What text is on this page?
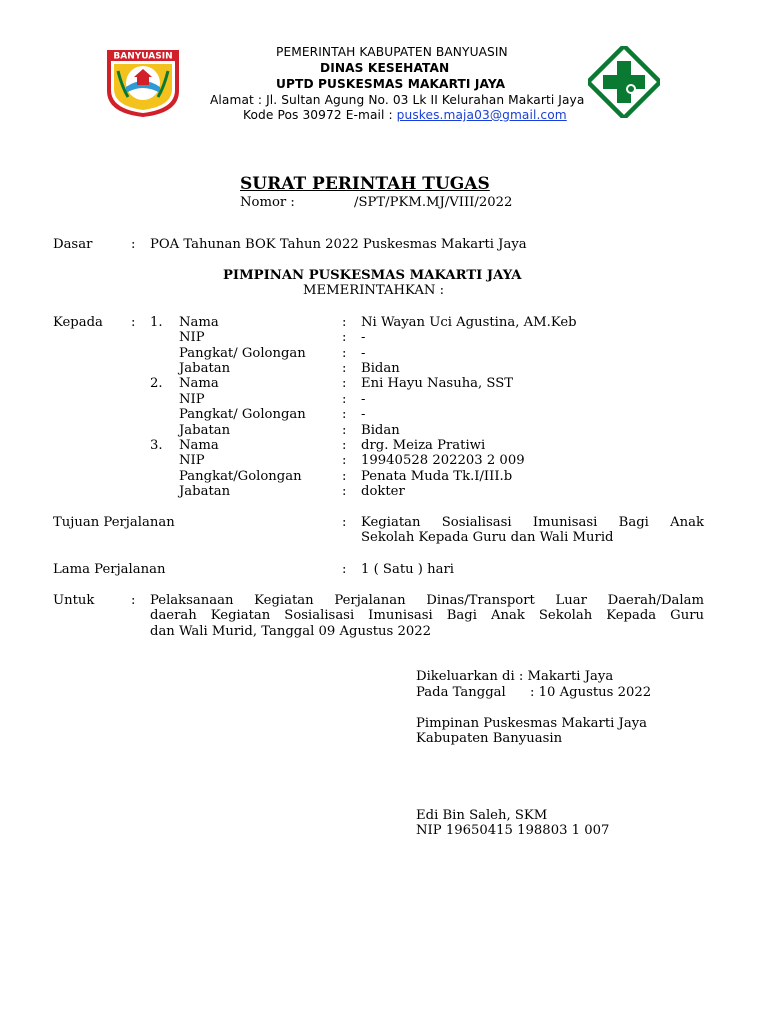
BANYUASIN	PEMERINTAH KABUPATEN BANYUASIN
DINAS KESEHATAN
UPTD PUSKESMAS MAKARTI JAYA
Alamat : Jl. Sultan Agung No. 03 Lk II Kelurahan Makarti Jaya
Kode Pos 30972 E-mail : puskes.maja03@gmail.com
SURAT PERINTAH TUGAS
Nomor :	/SPT/PKM.MJ/VIII/2022
Dasar	: POA Tahunan BOK Tahun 2022 Puskesmas Makarti Jaya
PIMPINAN PUSKESMAS MAKARTI JAYA
MEMERINTAHKAN :
Kepada : 1. Nama	: Ni Wayan Uci Agustina, AM.Keb
NIP	: -
Pangkat/ Golongan	: -
Jabatan	: Bidan
2. Nama	: Eni Hayu Nasuha, SST
NIP	: -
Pangkat/ Golongan	: -
Jabatan	: Bidan
3. Nama	: drg. Meiza Pratiwi
NIP	: 19940528 202203 2 009
Pangkat/Golongan	: Penata Muda Tk.I/III.b
Jabatan	: dokter
Tujuan Perjalanan	: Kegiatan Sosialisasi Imunisasi Bagi Anak
Sekolah Kepada Guru dan Wali Murid
Lama Perjalanan	: 1 ( Satu ) hari
Untuk	: Pelaksanaan Kegiatan Perjalanan Dinas/Transport Luar Daerah/Dalam
daerah Kegiatan Sosialisasi Imunisasi Bagi Anak Sekolah Kepada Guru
dan Wali Murid, Tanggal 09 Agustus 2022
Dikeluarkan di : Makarti Jaya
Pada Tanggal : 10 Agustus 2022
Pimpinan Puskesmas Makarti Jaya
Kabupaten Banyuasin
Edi Bin Saleh, SKM
NIP 19650415 198803 1 007
